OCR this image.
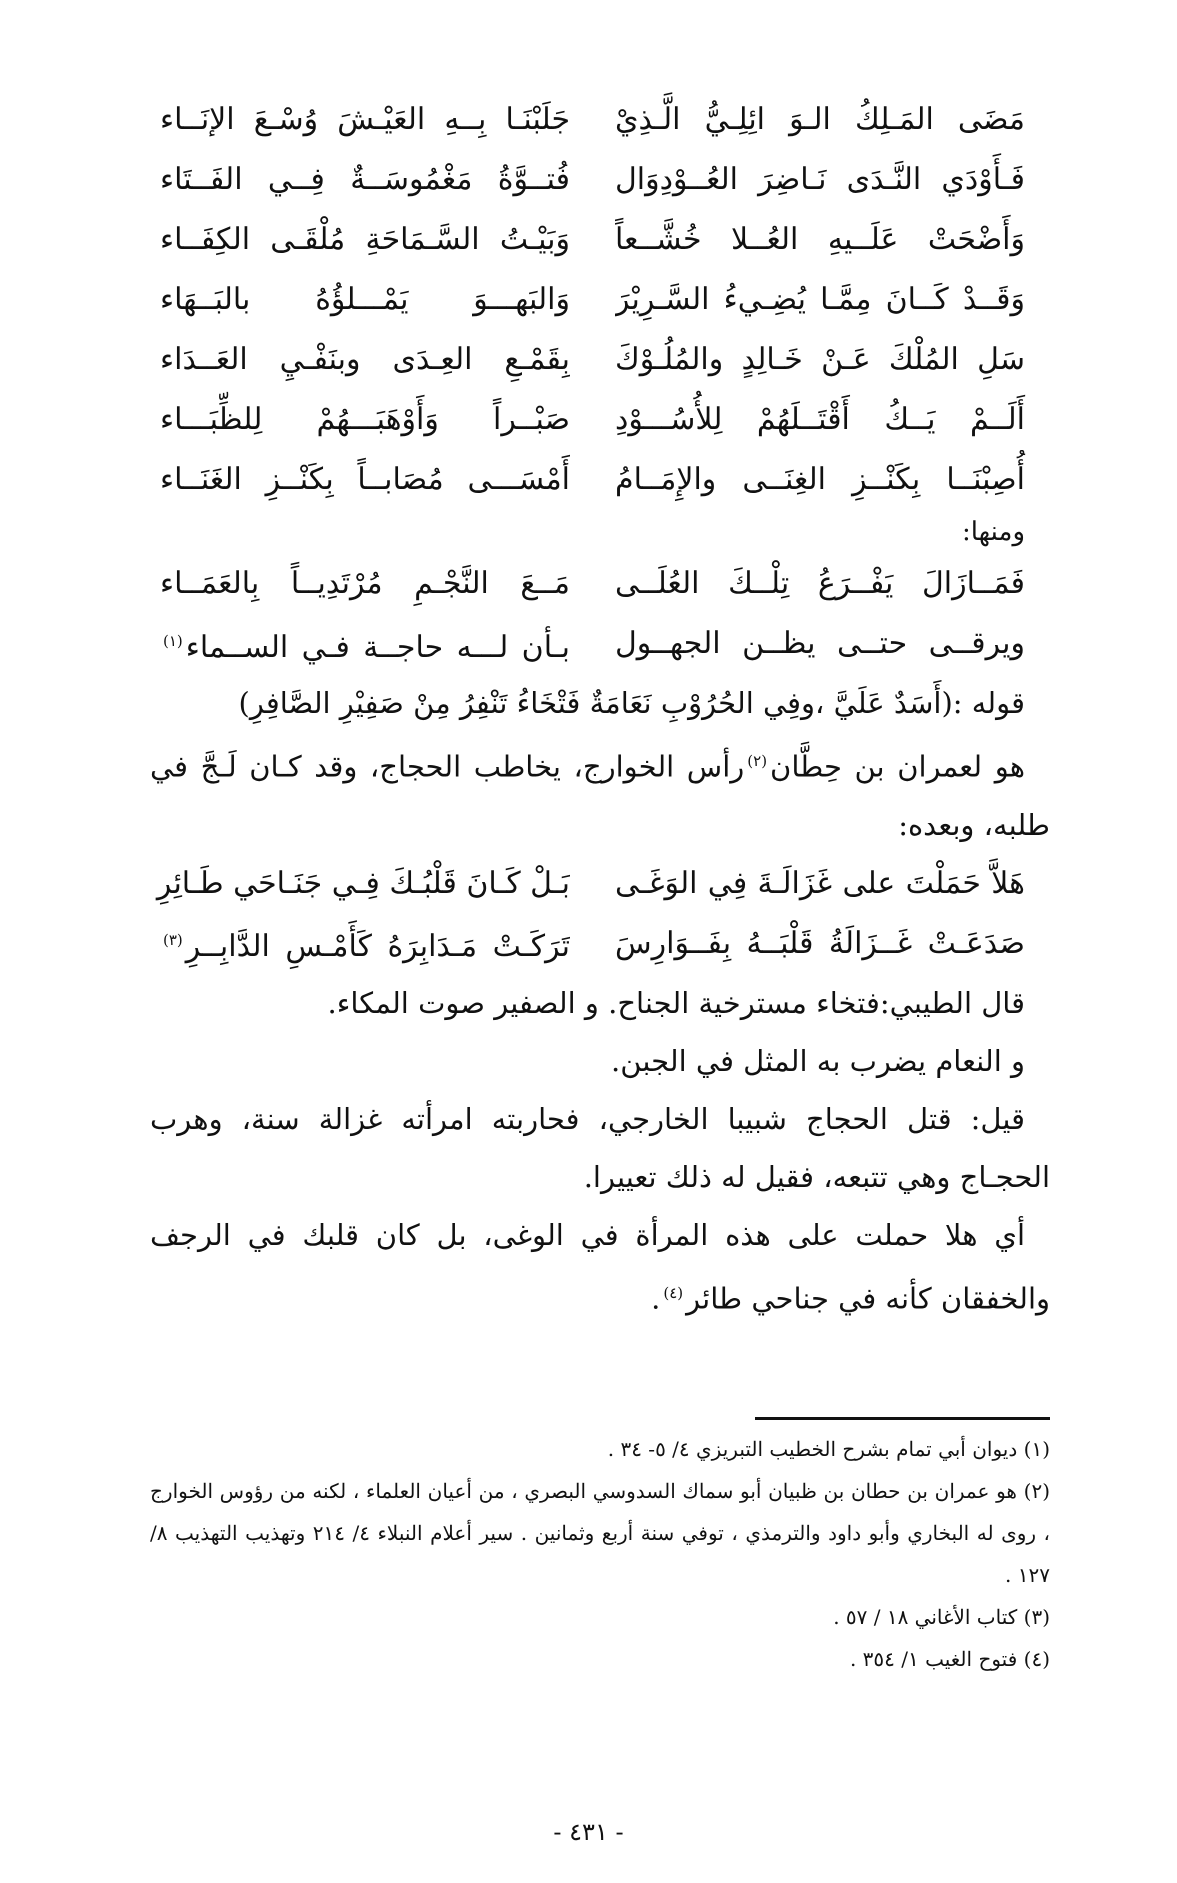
مَضَى المَـلِكُ الـوَ ائِلِـيُّ الَّـذِيْ
جَلَبْنَـا بِــهِ العَيْـشَ وُسْـعَ الإنَــاء
فَـأَوْدَي النَّـدَى نَـاضِرَ العُــوْدِوَال
فُتــوَّةُ مَغْمُوسَــةٌ فِــي الفَــتَاء
وَأَضْحَتْ عَلَــيهِ العُــلا خُشَّــعاً
وَبَيْـتُ السَّـمَاحَةِ مُلْقَـى الكِفَــاء
وَقَــدْ كَــانَ مِمَّـا يُضِـيءُ السَّـرِيْرَ
وَالبَهـــوَ يَمْـــلؤُهُ بالبَــهَاء
سَلِ المُلْكَ عَـنْ خَـالِدٍ والمُلُـوْكَ
بِقَمْـعِ العِـدَى وبنَفْـيِ العَــدَاء
أَلَــمْ يَــكُ أَقْتَــلَهُمْ لِلأُسُـــوْدِ
صَبْــراً وَأَوْهَبَـــهُمْ لِلظِّبَـــاء
أُصِبْنَــا بِكَنْــزِ الغِنَــى والإِمَــامُ
أَمْسَـــى مُصَابــاً بِكَنْــزِ الغَنَــاء
ومنها:
فَمَــازَالَ يَفْــرَعُ تِلْــكَ العُلَــى
مَــعَ النَّجْـمِ مُرْتَدِيــاً بِالعَمَــاء
ويرقــى حتــى يظــن الجهــول
بـأن لـــه حاجــة فـي الســماء$^{(١)}$
قوله :(أَسَدٌ عَلَيَّ ،وفِي الحُرُوْبِ نَعَامَةٌ فَتْخَاءُ تَنْفِرُ مِنْ صَفِيْرِ الصَّافِرِ)
هو لعمران بن حِطَّان$^{(٢)}$رأس الخوارج، يخاطب الحجاج، وقد كـان لَـجَّ في طلبه، وبعده:
هَلاَّ حَمَلْتَ على غَزَالَـةَ فِي الوَغَـى
بَـلْ كَـانَ قَلْبُـكَ فِـي جَنَـاحَي طَـائِرِ
صَدَعَـتْ غَــزَالَةُ قَلْبَــهُ بِفَــوَارِسَ
تَرَكَـتْ مَـدَابِرَهُ كَأَمْـسِ الدَّابِــرِ$^{(٣)}$
قال الطيبي:فتخاء مسترخية الجناح. و الصفير صوت المكاء.
و النعام يضرب به المثل في الجبن.
قيل: قتل الحجاج شبيبا الخارجي، فحاربته امرأته غزالة سنة، وهرب الحجـاج وهي تتبعه، فقيل له ذلك تعييرا.
أي هلا حملت على هذه المرأة في الوغى، بل كان قلبك في الرجف والخفقان كأنه في جناحي طائر$^{(٤)}$.
(١) ديوان أبي تمام بشرح الخطيب التبريزي ٤/ ٥- ٣٤ .
(٢) هو عمران بن حطان بن ظبيان أبو سماك السدوسي البصري ، من أعيان العلماء ، لكنه من رؤوس الخوارج ، روى له البخاري وأبو داود والترمذي ، توفي سنة أربع وثمانين . سير أعلام النبلاء ٤/ ٢١٤ وتهذيب التهذيب ٨/ ١٢٧ .
(٣) كتاب الأغاني ١٨ / ٥٧ .
(٤) فتوح الغيب ١/ ٣٥٤ .
- ٤٣١ -
